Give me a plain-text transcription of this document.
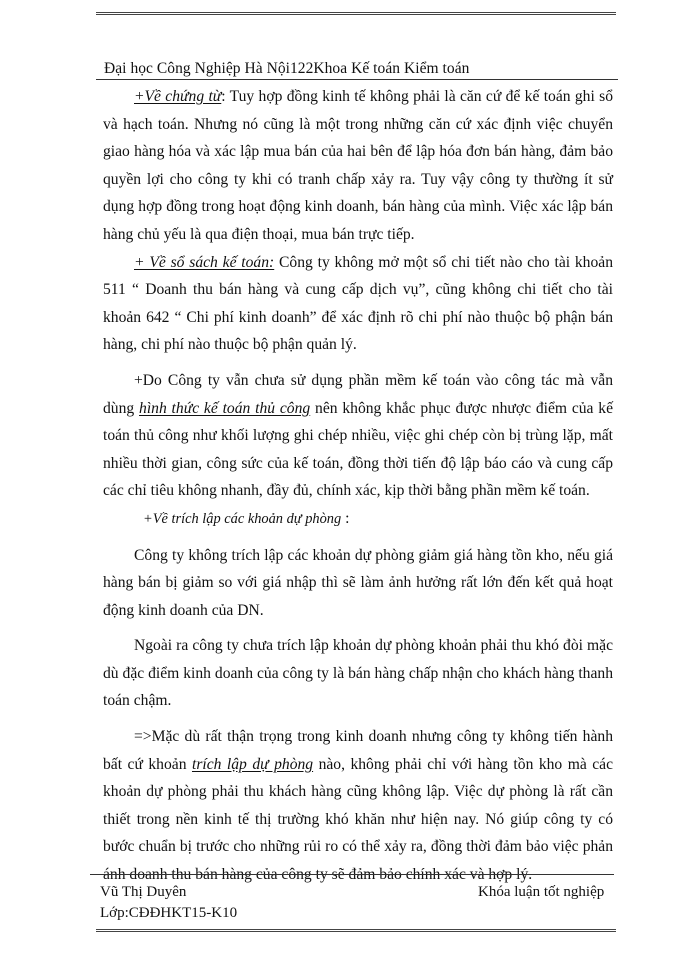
Đại học Công Nghiệp Hà Nội122Khoa Kế toán Kiểm toán

+Về chứng từ: Tuy hợp đồng kinh tế không phải là căn cứ để kế toán ghi sổ và hạch toán. Nhưng nó cũng là một trong những căn cứ xác định việc chuyển giao hàng hóa và xác lập mua bán của hai bên để lập hóa đơn bán hàng, đảm bảo quyền lợi cho công ty khi có tranh chấp xảy ra. Tuy vậy công ty thường ít sử dụng hợp đồng trong hoạt động kinh doanh, bán hàng của mình. Việc xác lập bán hàng chủ yếu là qua điện thoại, mua bán trực tiếp.

+ Về sổ sách kế toán: Công ty không mở một sổ chi tiết nào cho tài khoản 511 “ Doanh thu bán hàng và cung cấp dịch vụ”, cũng không chi tiết cho tài khoản 642 “ Chi phí kinh doanh” để xác định rõ chi phí nào thuộc bộ phận bán hàng, chi phí nào thuộc bộ phận quản lý.

+Do Công ty vẫn chưa sử dụng phần mềm kế toán vào công tác mà vẫn dùng hình thức kế toán thủ công nên không khắc phục được nhược điểm của kế toán thủ công như khối lượng ghi chép nhiều, việc ghi chép còn bị trùng lặp, mất nhiều thời gian, công sức của kế toán, đồng thời tiến độ lập báo cáo và cung cấp các chỉ tiêu không nhanh, đầy đủ, chính xác, kịp thời bằng phần mềm kế toán.

+Về trích lập các khoản dự phòng :

Công ty không trích lập các khoản dự phòng giảm giá hàng tồn kho, nếu giá hàng bán bị giảm so với giá nhập thì sẽ làm ảnh hưởng rất lớn đến kết quả hoạt động kinh doanh của DN.

Ngoài ra công ty chưa trích lập khoản dự phòng khoản phải thu khó đòi mặc dù đặc điểm kinh doanh của công ty là bán hàng chấp nhận cho khách hàng thanh toán chậm.

=>Mặc dù rất thận trọng trong kinh doanh nhưng công ty không tiến hành bất cứ khoản trích lập dự phòng nào, không phải chỉ với hàng tồn kho mà các khoản dự phòng phải thu khách hàng cũng không lập. Việc dự phòng là rất cần thiết trong nền kinh tế thị trường khó khăn như hiện nay. Nó giúp công ty có bước chuẩn bị trước cho những rủi ro có thể xảy ra, đồng thời đảm bảo việc phản ánh doanh thu bán hàng của công ty sẽ đảm bảo chính xác và hợp lý.

Vũ Thị Duyên
Lớp:CĐĐHKT15-K10
Khóa luận tốt nghiệp
